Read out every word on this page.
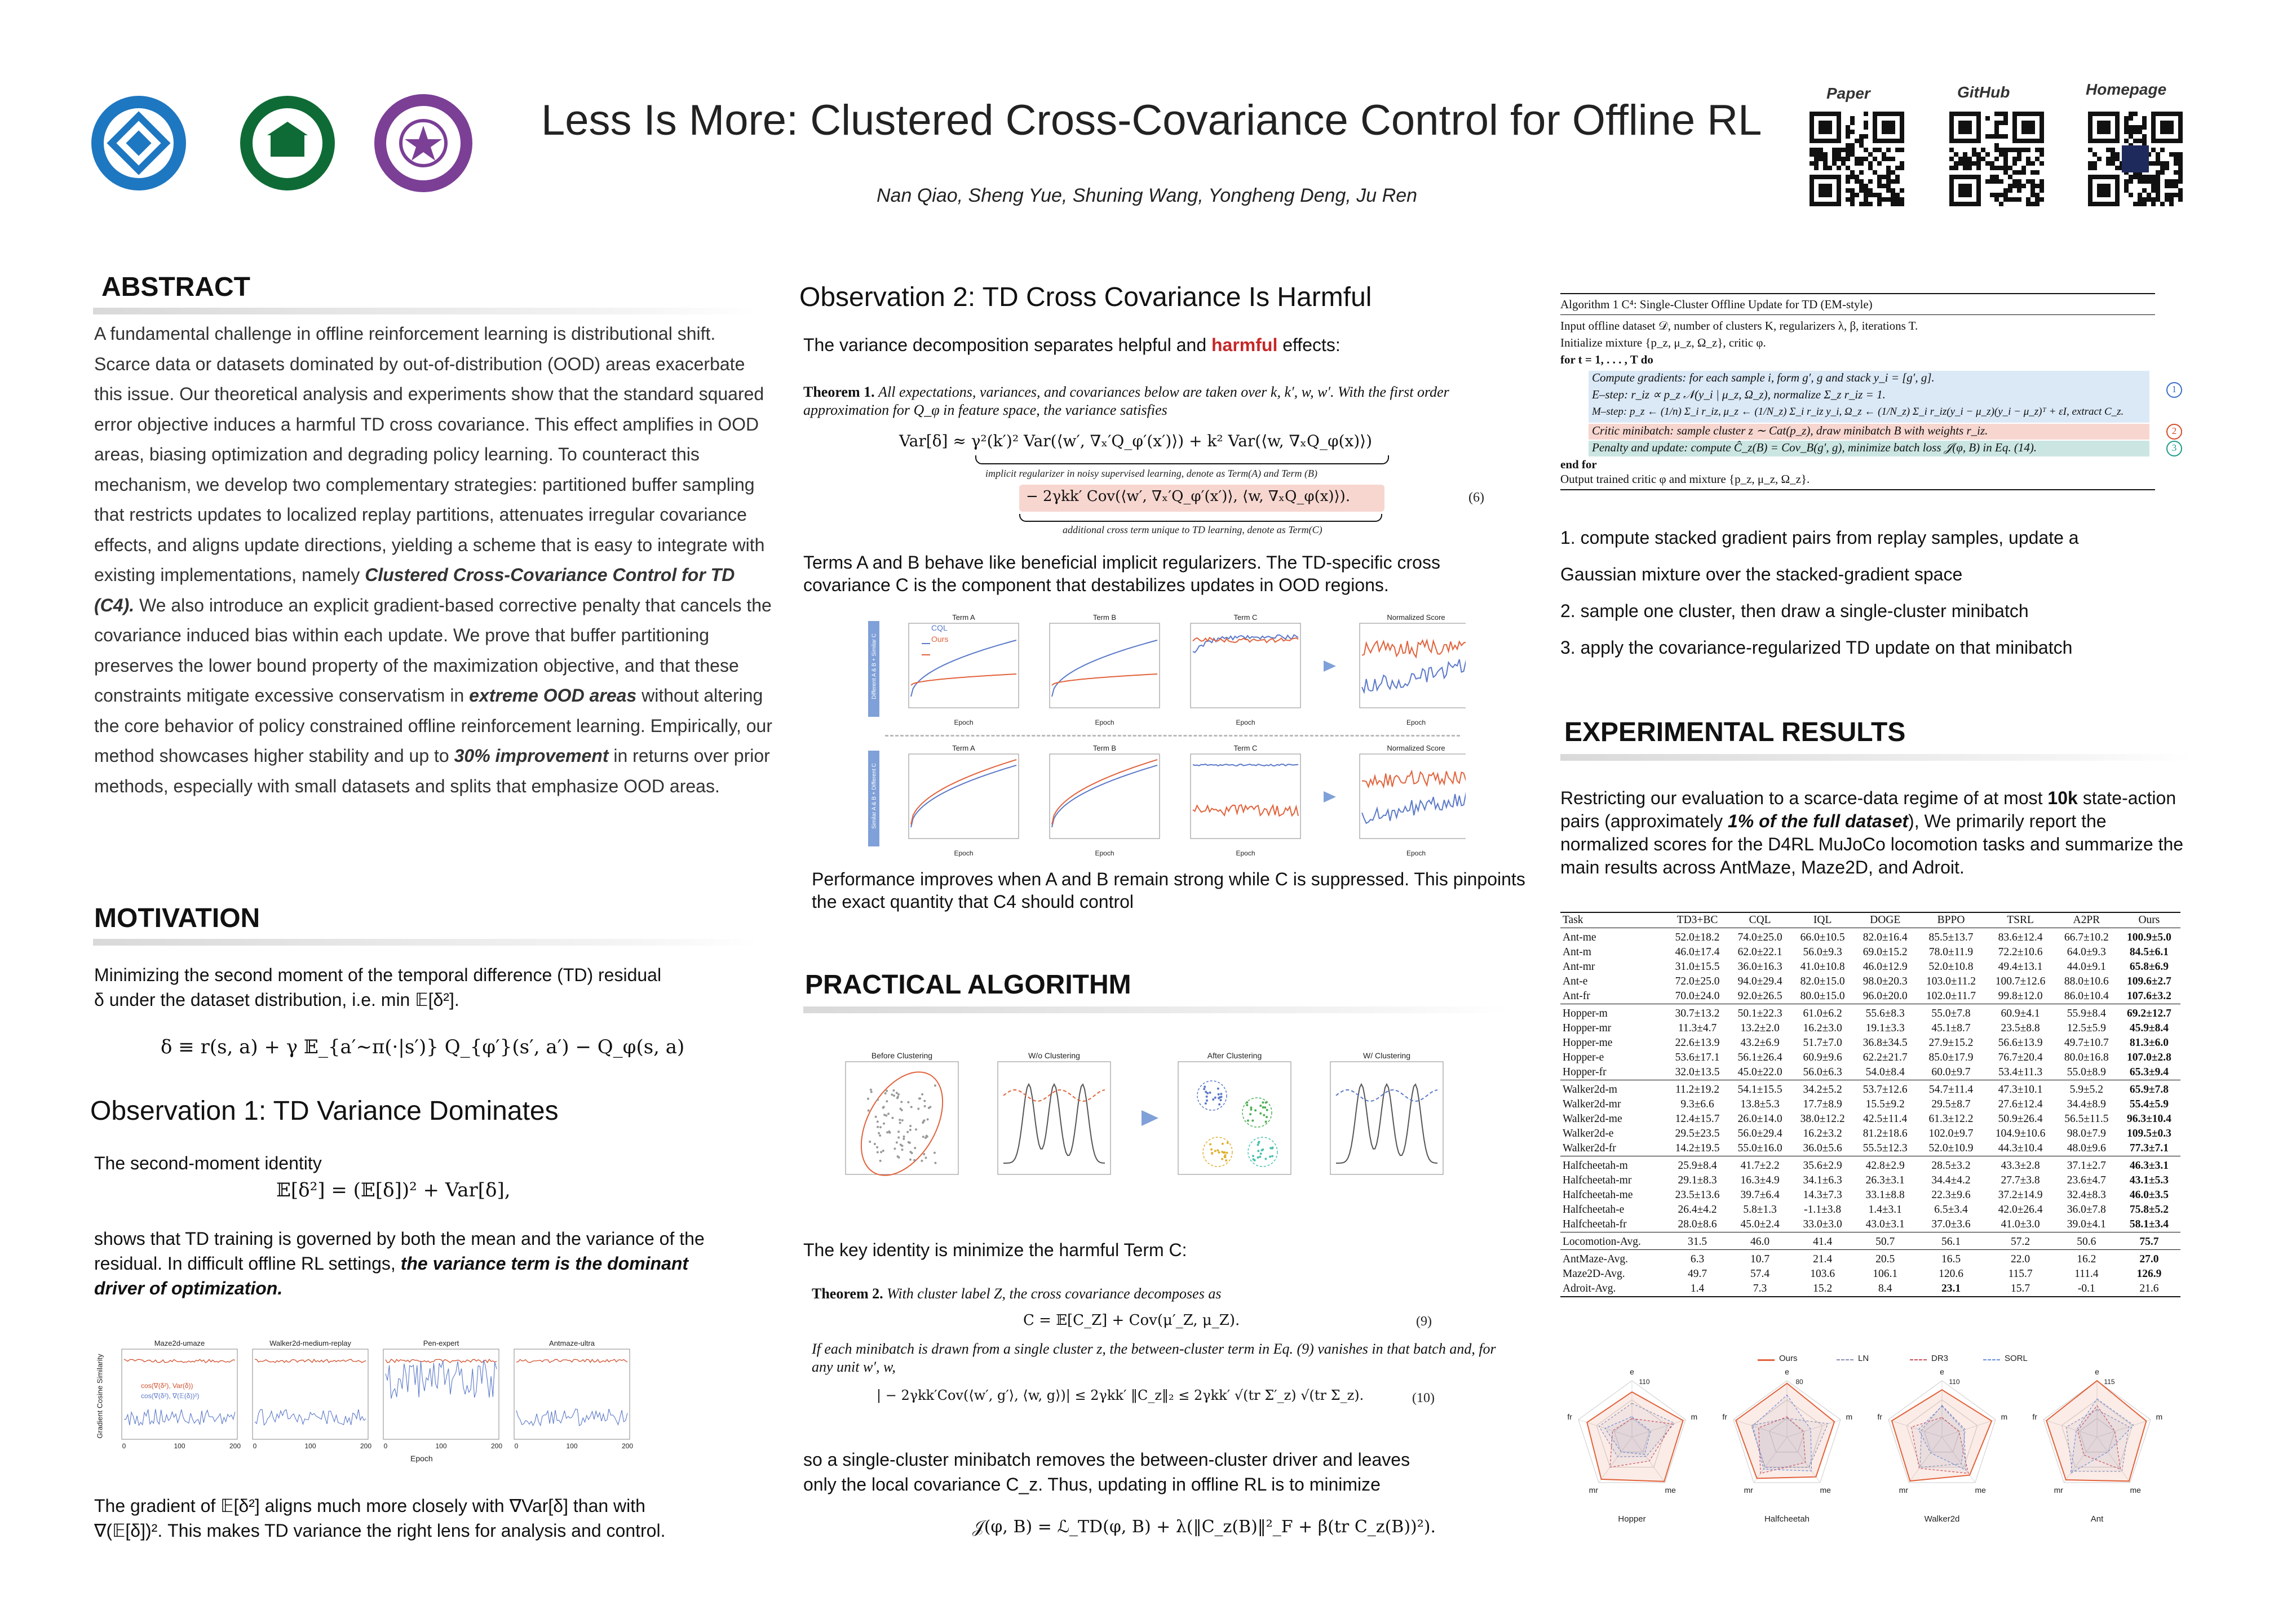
Less Is More: Clustered Cross-Covariance Control for Offline RL
Nan Qiao, Sheng Yue, Shuning Wang, Yongheng Deng, Ju Ren
Paper	GitHub	Homepage
ABSTRACT
A fundamental challenge in offline reinforcement learning is distributional shift. Scarce data or datasets dominated by out-of-distribution (OOD) areas exacerbate this issue. Our theoretical analysis and experiments show that the standard squared error objective induces a harmful TD cross covariance. This effect amplifies in OOD areas, biasing optimization and degrading policy learning. To counteract this mechanism, we develop two complementary strategies: partitioned buffer sampling that restricts updates to localized replay partitions, attenuates irregular covariance effects, and aligns update directions, yielding a scheme that is easy to integrate with existing implementations, namely Clustered Cross-Covariance Control for TD (C4). We also introduce an explicit gradient-based corrective penalty that cancels the covariance induced bias within each update. We prove that buffer partitioning preserves the lower bound property of the maximization objective, and that these constraints mitigate excessive conservatism in extreme OOD areas without altering the core behavior of policy constrained offline reinforcement learning. Empirically, our method showcases higher stability and up to 30% improvement in returns over prior methods, especially with small datasets and splits that emphasize OOD areas.
MOTIVATION
Minimizing the second moment of the temporal difference (TD) residual
δ under the dataset distribution, i.e. min 𝔼[δ²].
δ ≡ r(s, a) + γ 𝔼_{a′∼π(·|s′)} Q_{φ′}(s′, a′) − Q_φ(s, a)
Observation 1: TD Variance Dominates
The second-moment identity
𝔼[δ²] = (𝔼[δ])² + Var[δ],
shows that TD training is governed by both the mean and the variance of the residual. In difficult offline RL settings, the variance term is the dominant driver of optimization.
Gradient Cosine Similarity
Epoch
Maze2d-umaze
0	100	200
Walker2d-medium-replay
0	100	200
Pen-expert
0	100	200
Antmaze-ultra
0	100	200
cos(∇(δ²), Var(δ))
cos(∇(δ²), ∇(𝔼(δ))²)
The gradient of 𝔼[δ²] aligns much more closely with ∇Var[δ] than with
∇(𝔼[δ])². This makes TD variance the right lens for analysis and control.
Observation 2: TD Cross Covariance Is Harmful
The variance decomposition separates helpful and harmful effects:
Theorem 1. All expectations, variances, and covariances below are taken over k, k′, w, w′. With the first order approximation for Q_φ in feature space, the variance satisfies
Var[δ] ≈ γ²(k′)² Var(⟨w′, ∇ₓ′Q_φ′(x′)⟩) + k² Var(⟨w, ∇ₓQ_φ(x)⟩)
implicit regularizer in noisy supervised learning, denote as Term(A) and Term (B)
− 2γkk′ Cov(⟨w′, ∇ₓ′Q_φ′(x′)⟩, ⟨w, ∇ₓQ_φ(x)⟩).	(6)
additional cross term unique to TD learning, denote as Term(C)
Terms A and B behave like beneficial implicit regularizers. The TD-specific cross covariance C is the component that destabilizes updates in OOD regions.
Different A & B + Similar C
Similar A & B + Different C
Term A
Epoch
Term B
Epoch
Term C
Epoch
Normalized Score
Epoch
Term A
Epoch
Term B
Epoch
Term C
Epoch
Normalized Score
Epoch
CQL
Ours
Performance improves when A and B remain strong while C is suppressed. This pinpoints the exact quantity that C4 should control
PRACTICAL ALGORITHM
Before Clustering	W/o Clustering	After Clustering	W/ Clustering
The key identity is minimize the harmful Term C:
Theorem 2. With cluster label Z, the cross covariance decomposes as
C = 𝔼[C_Z] + Cov(μ′_Z, μ_Z).	(9)
If each minibatch is drawn from a single cluster z, the between-cluster term in Eq. (9) vanishes in that batch and, for any unit w′, w,
| − 2γkk′Cov(⟨w′, g′⟩, ⟨w, g⟩)| ≤ 2γkk′ ‖C_z‖₂ ≤ 2γkk′ √(tr Σ′_z) √(tr Σ_z).	(10)
so a single-cluster minibatch removes the between-cluster driver and leaves
only the local covariance C_z. Thus, updating in offline RL is to minimize
𝒥(φ, B) = ℒ_TD(φ, B) + λ(‖C_z(B)‖²_F + β(tr C_z(B))²).
Algorithm 1 C⁴: Single-Cluster Offline Update for TD (EM-style)
Input offline dataset 𝒟, number of clusters K, regularizers λ, β, iterations T.
Initialize mixture {p_z, μ_z, Ω_z}, critic φ.
for t = 1, . . . , T do
Compute gradients: for each sample i, form g′, g and stack y_i = [g′, g].
E–step: r_iz ∝ p_z 𝒩(y_i | μ_z, Ω_z), normalize Σ_z r_iz = 1.
M–step: p_z ← (1/n) Σ_i r_iz, μ_z ← (1/N_z) Σ_i r_iz y_i, Ω_z ← (1/N_z) Σ_i r_iz(y_i − μ_z)(y_i − μ_z)ᵀ + εI, extract C_z.
Critic minibatch: sample cluster z ∼ Cat(p_z), draw minibatch B with weights r_iz.
Penalty and update: compute Ĉ_z(B) = Cov_B(g′, g), minimize batch loss 𝒥(φ, B) in Eq. (14).
end for
Output trained critic φ and mixture {p_z, μ_z, Ω_z}.
1
2
3
1. compute stacked gradient pairs from replay samples, update a
Gaussian mixture over the stacked-gradient space
2. sample one cluster, then draw a single-cluster minibatch
3. apply the covariance-regularized TD update on that minibatch
EXPERIMENTAL RESULTS
Restricting our evaluation to a scarce-data regime of at most 10k state-action pairs (approximately 1% of the full dataset), We primarily report the normalized scores for the D4RL MuJoCo locomotion tasks and summarize the main results across AntMaze, Maze2D, and Adroit.
Task	TD3+BC	CQL	IQL	DOGE	BPPO	TSRL	A2PR	Ours
Ant-me	52.0±18.2	74.0±25.0	66.0±10.5	82.0±16.4	85.5±13.7	83.6±12.4	66.7±10.2	100.9±5.0
Ant-m	46.0±17.4	62.0±22.1	56.0±9.3	69.0±15.2	78.0±11.9	72.2±10.6	64.0±9.3	84.5±6.1
Ant-mr	31.0±15.5	36.0±16.3	41.0±10.8	46.0±12.9	52.0±10.8	49.4±13.1	44.0±9.1	65.8±6.9
Ant-e	72.0±25.0	94.0±29.4	82.0±15.0	98.0±20.3	103.0±11.2	100.7±12.6	88.0±10.6	109.6±2.7
Ant-fr	70.0±24.0	92.0±26.5	80.0±15.0	96.0±20.0	102.0±11.7	99.8±12.0	86.0±10.4	107.6±3.2
Hopper-m	30.7±13.2	50.1±22.3	61.0±6.2	55.6±8.3	55.0±7.8	60.9±4.1	55.9±8.4	69.2±12.7
Hopper-mr	11.3±4.7	13.2±2.0	16.2±3.0	19.1±3.3	45.1±8.7	23.5±8.8	12.5±5.9	45.9±8.4
Hopper-me	22.6±13.9	43.2±6.9	51.7±7.0	36.8±34.5	27.9±15.2	56.6±13.9	49.7±10.7	81.3±6.0
Hopper-e	53.6±17.1	56.1±26.4	60.9±9.6	62.2±21.7	85.0±17.9	76.7±20.4	80.0±16.8	107.0±2.8
Hopper-fr	32.0±13.5	45.0±22.0	56.0±6.3	54.0±8.4	60.0±9.7	53.4±11.3	55.0±8.9	65.3±9.4
Walker2d-m	11.2±19.2	54.1±15.5	34.2±5.2	53.7±12.6	54.7±11.4	47.3±10.1	5.9±5.2	65.9±7.8
Walker2d-mr	9.3±6.6	13.8±5.3	17.7±8.9	15.5±9.2	29.5±8.7	27.6±12.4	34.4±8.9	55.4±5.9
Walker2d-me	12.4±15.7	26.0±14.0	38.0±12.2	42.5±11.4	61.3±12.2	50.9±26.4	56.5±11.5	96.3±10.4
Walker2d-e	29.5±23.5	56.0±29.4	16.2±3.2	81.2±18.6	102.0±9.7	104.9±10.6	98.0±7.9	109.5±0.3
Walker2d-fr	14.2±19.5	55.0±16.0	36.0±5.6	55.5±12.3	52.0±10.9	44.3±10.4	48.0±9.6	77.3±7.1
Halfcheetah-m	25.9±8.4	41.7±2.2	35.6±2.9	42.8±2.9	28.5±3.2	43.3±2.8	37.1±2.7	46.3±3.1
Halfcheetah-mr	29.1±8.3	16.3±4.9	34.1±6.3	26.3±3.1	34.4±4.2	27.7±3.8	23.6±4.7	43.1±5.3
Halfcheetah-me	23.5±13.6	39.7±6.4	14.3±7.3	33.1±8.8	22.3±9.6	37.2±14.9	32.4±8.3	46.0±3.5
Halfcheetah-e	26.4±4.2	5.8±1.3	-1.1±3.8	1.4±3.1	6.5±3.4	42.0±26.4	36.0±7.8	75.8±5.2
Halfcheetah-fr	28.0±8.6	45.0±2.4	33.0±3.0	43.0±3.1	37.0±3.6	41.0±3.0	39.0±4.1	58.1±3.4
Locomotion-Avg.	31.5	46.0	41.4	50.7	56.1	57.2	50.6	75.7
AntMaze-Avg.	6.3	10.7	21.4	20.5	16.5	22.0	16.2	27.0
Maze2D-Avg.	49.7	57.4	103.6	106.1	120.6	115.7	111.4	126.9
Adroit-Avg.	1.4	7.3	15.2	8.4	23.1	15.7	-0.1	21.6
Ours	LN	DR3	SORL
e
m
me
mr
fr
110
Hopper
e
m
me
mr
fr
80
Halfcheetah
e
m
me
mr
fr
110
Walker2d
e
m
me
mr
fr
115
Ant
